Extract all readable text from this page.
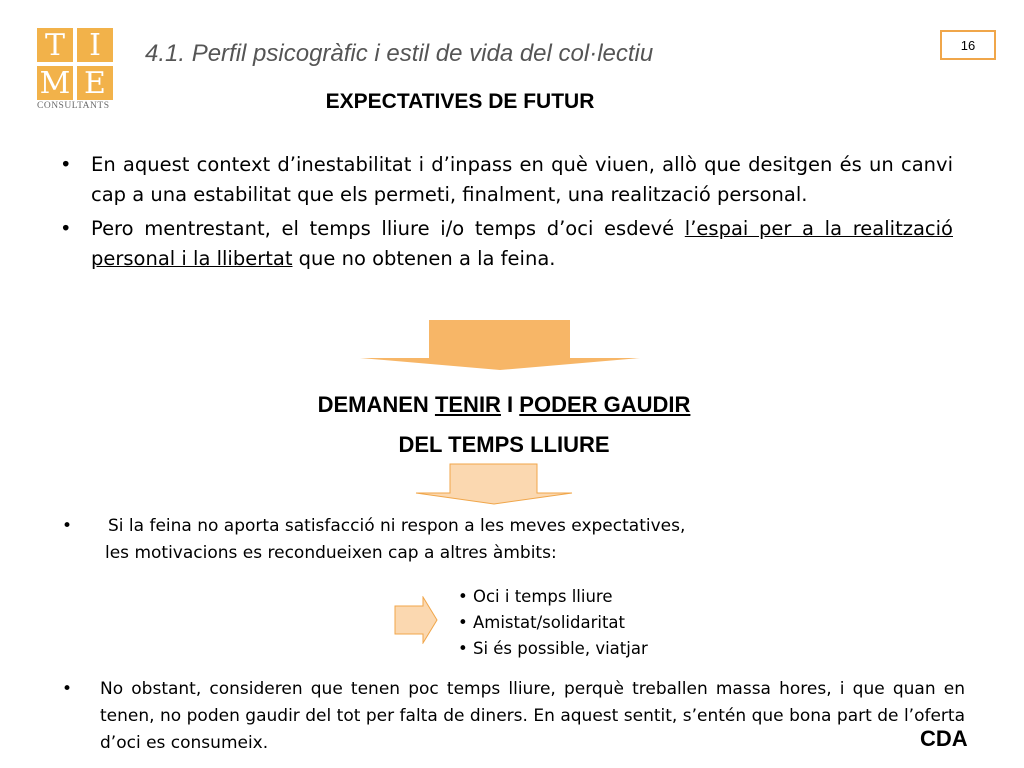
T I
M E
CONSULTANTS
4.1. Perfil psicogràfic i estil de vida del col·lectiu	16
EXPECTATIVES DE FUTUR
• En aquest context d’inestabilitat i d’inpass en què viuen, allò que desitgen és un canvi cap a una estabilitat que els permeti, finalment, una realització personal.
• Pero mentrestant, el temps lliure i/o temps d’oci esdevé l’espai per a la realització personal i la llibertat que no obtenen a la feina.
DEMANEN TENIR I PODER GAUDIR
DEL TEMPS LLIURE
• Si la feina no aporta satisfacció ni respon a les meves expectatives,
les motivacions es recondueixen cap a altres àmbits:
• Oci i temps lliure
• Amistat/solidaritat
• Si és possible, viatjar
• No obstant, consideren que tenen poc temps lliure, perquè treballen massa hores, i que quan en tenen, no poden gaudir del tot per falta de diners. En aquest sentit, s’entén que bona part de l’oferta d’oci es consumeix.	CDA
